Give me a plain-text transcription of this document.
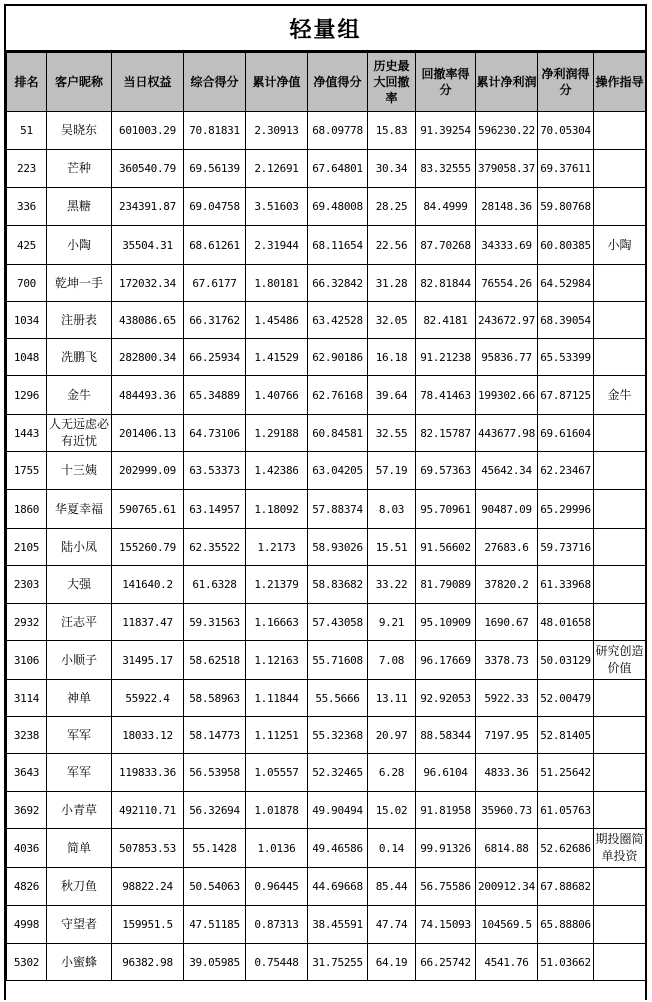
轻量组
排名	客户昵称	当日权益	综合得分	累计净值	净值得分	历史最大回撤率	回撤率得分	累计净利润	净利润得分	操作指导
51	吴晓东	601003.29	70.81831	2.30913	68.09778	15.83	91.39254	596230.22	70.05304	
223	芒种	360540.79	69.56139	2.12691	67.64801	30.34	83.32555	379058.37	69.37611	
336	黑糖	234391.87	69.04758	3.51603	69.48008	28.25	84.4999	28148.36	59.80768	
425	小陶	35504.31	68.61261	2.31944	68.11654	22.56	87.70268	34333.69	60.80385	小陶
700	乾坤一手	172032.34	67.6177	1.80181	66.32842	31.28	82.81844	76554.26	64.52984	
1034	注册表	438086.65	66.31762	1.45486	63.42528	32.05	82.4181	243672.97	68.39054	
1048	冼鹏飞	282800.34	66.25934	1.41529	62.90186	16.18	91.21238	95836.77	65.53399	
1296	金牛	484493.36	65.34889	1.40766	62.76168	39.64	78.41463	199302.66	67.87125	金牛
1443	人无远虑必有近忧	201406.13	64.73106	1.29188	60.84581	32.55	82.15787	443677.98	69.61604	
1755	十三姨	202999.09	63.53373	1.42386	63.04205	57.19	69.57363	45642.34	62.23467	
1860	华夏幸福	590765.61	63.14957	1.18092	57.88374	8.03	95.70961	90487.09	65.29996	
2105	陆小凤	155260.79	62.35522	1.2173	58.93026	15.51	91.56602	27683.6	59.73716	
2303	大强	141640.2	61.6328	1.21379	58.83682	33.22	81.79089	37820.2	61.33968	
2932	汪志平	11837.47	59.31563	1.16663	57.43058	9.21	95.10909	1690.67	48.01658	
3106	小顺子	31495.17	58.62518	1.12163	55.71608	7.08	96.17669	3378.73	50.03129	研究创造价值
3114	神单	55922.4	58.58963	1.11844	55.5666	13.11	92.92053	5922.33	52.00479	
3238	军军	18033.12	58.14773	1.11251	55.32368	20.97	88.58344	7197.95	52.81405	
3643	军军	119833.36	56.53958	1.05557	52.32465	6.28	96.6104	4833.36	51.25642	
3692	小青草	492110.71	56.32694	1.01878	49.90494	15.02	91.81958	35960.73	61.05763	
4036	简单	507853.53	55.1428	1.0136	49.46586	0.14	99.91326	6814.88	52.62686	期投圈简单投资
4826	秋刀鱼	98822.24	50.54063	0.96445	44.69668	85.44	56.75586	200912.34	67.88682	
4998	守望者	159951.5	47.51185	0.87313	38.45591	47.74	74.15093	104569.5	65.88806	
5302	小蜜蜂	96382.98	39.05985	0.75448	31.75255	64.19	66.25742	4541.76	51.03662	
